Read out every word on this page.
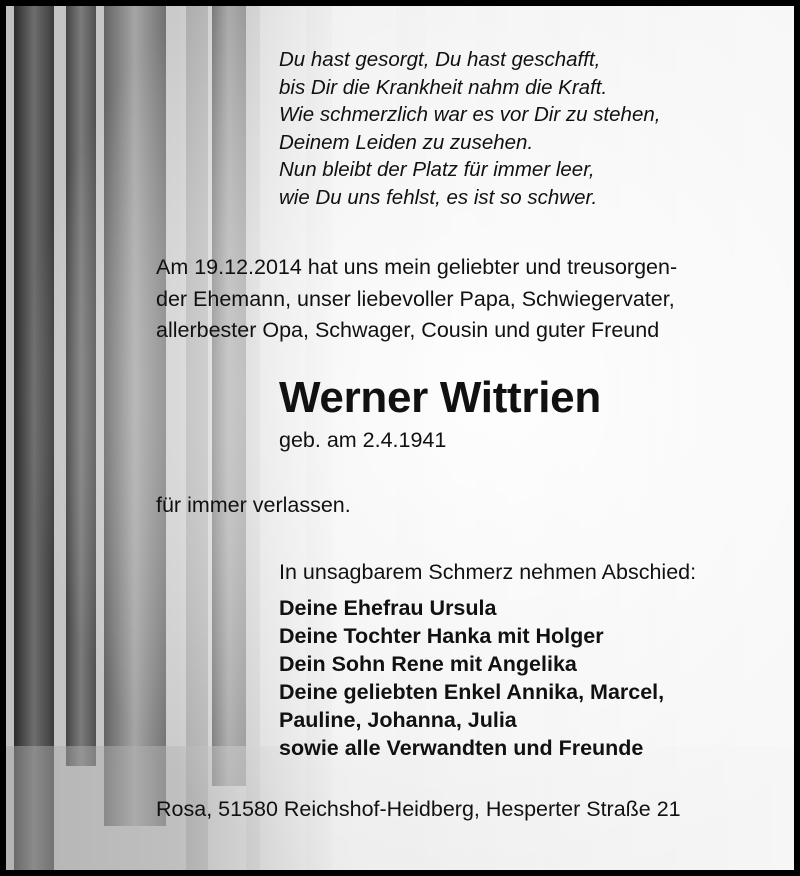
Du hast gesorgt, Du hast geschafft,
bis Dir die Krankheit nahm die Kraft.
Wie schmerzlich war es vor Dir zu stehen,
Deinem Leiden zu zusehen.
Nun bleibt der Platz für immer leer,
wie Du uns fehlst, es ist so schwer.
Am 19.12.2014 hat uns mein geliebter und treusorgen-
der Ehemann, unser liebevoller Papa, Schwiegervater,
allerbester Opa, Schwager, Cousin und guter Freund
Werner Wittrien

geb. am 2.4.1941

für immer verlassen.

In unsagbarem Schmerz nehmen Abschied:

Deine Ehefrau Ursula
Deine Tochter Hanka mit Holger
Dein Sohn Rene mit Angelika
Deine geliebten Enkel Annika, Marcel,
Pauline, Johanna, Julia
sowie alle Verwandten und Freunde

Rosa, 51580 Reichshof-Heidberg, Hesperter Straße 21
